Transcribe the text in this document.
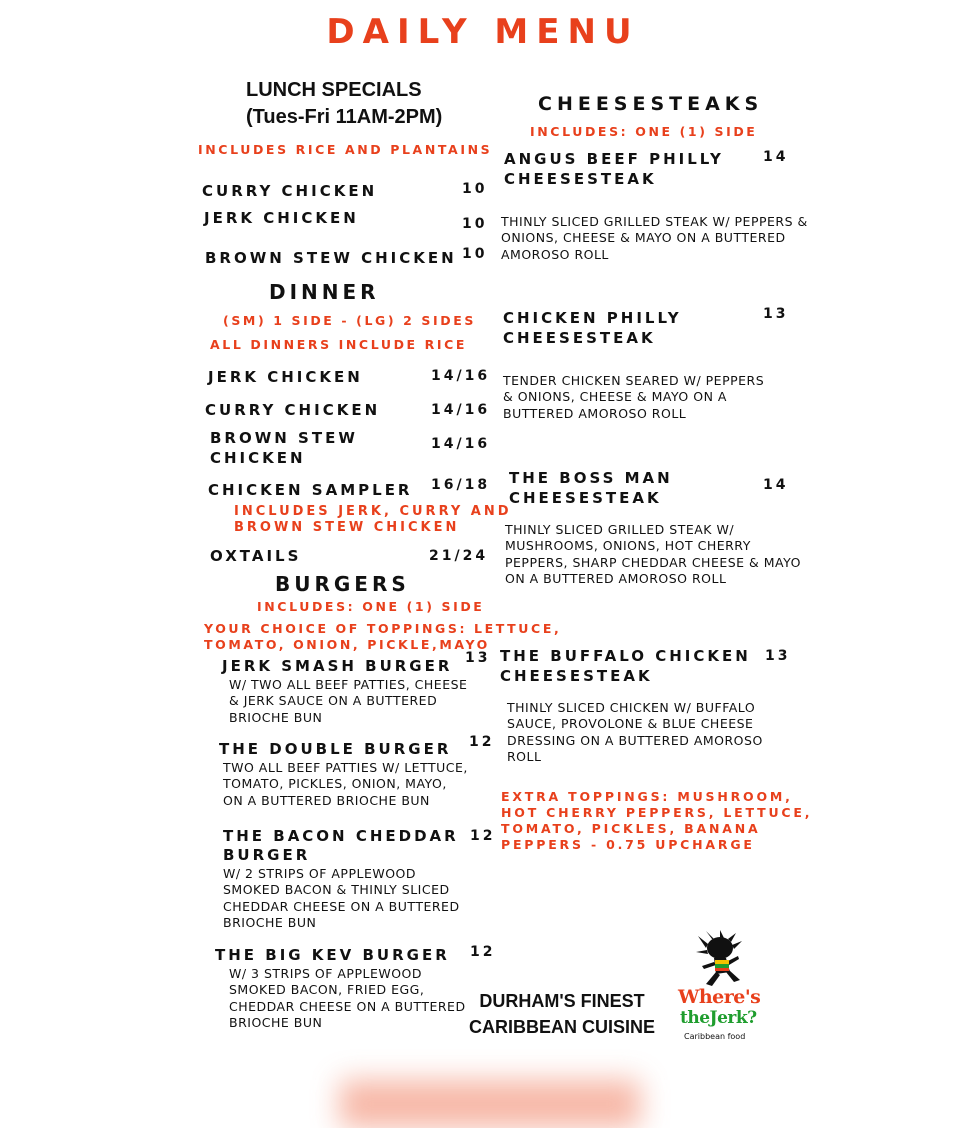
DAILY MENU
LUNCH SPECIALS
(Tues-Fri 11AM-2PM)
INCLUDES RICE AND PLANTAINS
CURRY CHICKEN	10
JERK CHICKEN	10
BROWN STEW CHICKEN 10
DINNER
(SM) 1 SIDE - (LG) 2 SIDES
ALL DINNERS INCLUDE RICE
JERK CHICKEN	14/16
CURRY CHICKEN	14/16
BROWN STEW
CHICKEN
14/16
CHICKEN SAMPLER 16/18
INCLUDES JERK, CURRY AND
BROWN STEW CHICKEN
OXTAILS	21/24
BURGERS
INCLUDES: ONE (1) SIDE
YOUR CHOICE OF TOPPINGS: LETTUCE,
TOMATO, ONION, PICKLE,MAYO
JERK SMASH BURGER 13
W/ TWO ALL BEEF PATTIES, CHEESE
& JERK SAUCE ON A BUTTERED
BRIOCHE BUN
THE DOUBLE BURGER 12
TWO ALL BEEF PATTIES W/ LETTUCE,
TOMATO, PICKLES, ONION, MAYO,
ON A BUTTERED BRIOCHE BUN
THE BACON CHEDDAR
BURGER
12
W/ 2 STRIPS OF APPLEWOOD
SMOKED BACON & THINLY SLICED
CHEDDAR CHEESE ON A BUTTERED
BRIOCHE BUN
THE BIG KEV BURGER 12
W/ 3 STRIPS OF APPLEWOOD
SMOKED BACON, FRIED EGG,
CHEDDAR CHEESE ON A BUTTERED
BRIOCHE BUN
CHEESESTEAKS
INCLUDES: ONE (1) SIDE
ANGUS BEEF PHILLY
CHEESESTEAK
14
THINLY SLICED GRILLED STEAK W/ PEPPERS &
ONIONS, CHEESE & MAYO ON A BUTTERED
AMOROSO ROLL
CHICKEN PHILLY
CHEESESTEAK
13
TENDER CHICKEN SEARED W/ PEPPERS
& ONIONS, CHEESE & MAYO ON A
BUTTERED AMOROSO ROLL
THE BOSS MAN
CHEESESTEAK
14
THINLY SLICED GRILLED STEAK W/
MUSHROOMS, ONIONS, HOT CHERRY
PEPPERS, SHARP CHEDDAR CHEESE & MAYO
ON A BUTTERED AMOROSO ROLL
THE BUFFALO CHICKEN
CHEESESTEAK
13
THINLY SLICED CHICKEN W/ BUFFALO
SAUCE, PROVOLONE & BLUE CHEESE
DRESSING ON A BUTTERED AMOROSO
ROLL
EXTRA TOPPINGS: MUSHROOM,
HOT CHERRY PEPPERS, LETTUCE,
TOMATO, PICKLES, BANANA
PEPPERS - 0.75 UPCHARGE
DURHAM'S FINEST
CARIBBEAN CUISINE
Where's
theJerk?
Caribbean food
